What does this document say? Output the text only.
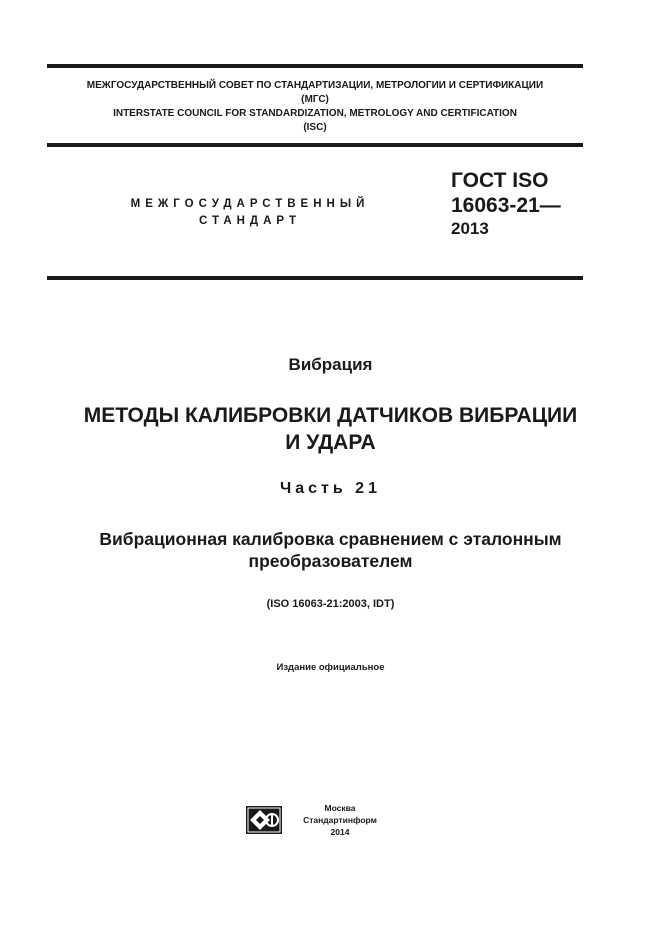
МЕЖГОСУДАРСТВЕННЫЙ СОВЕТ ПО СТАНДАРТИЗАЦИИ, МЕТРОЛОГИИ И СЕРТИФИКАЦИИ
(МГС)
INTERSTATE COUNCIL FOR STANDARDIZATION, METROLOGY AND CERTIFICATION
(ISC)
МЕЖГОСУДАРСТВЕННЫЙ
СТАНДАРТ
ГОСТ ISO
16063-21—
2013
Вибрация
МЕТОДЫ КАЛИБРОВКИ ДАТЧИКОВ ВИБРАЦИИ
И УДАРА
Часть 21
Вибрационная калибровка сравнением с эталонным
преобразователем
(ISO 16063-21:2003, IDT)
Издание официальное
Москва
Стандартинформ
2014
